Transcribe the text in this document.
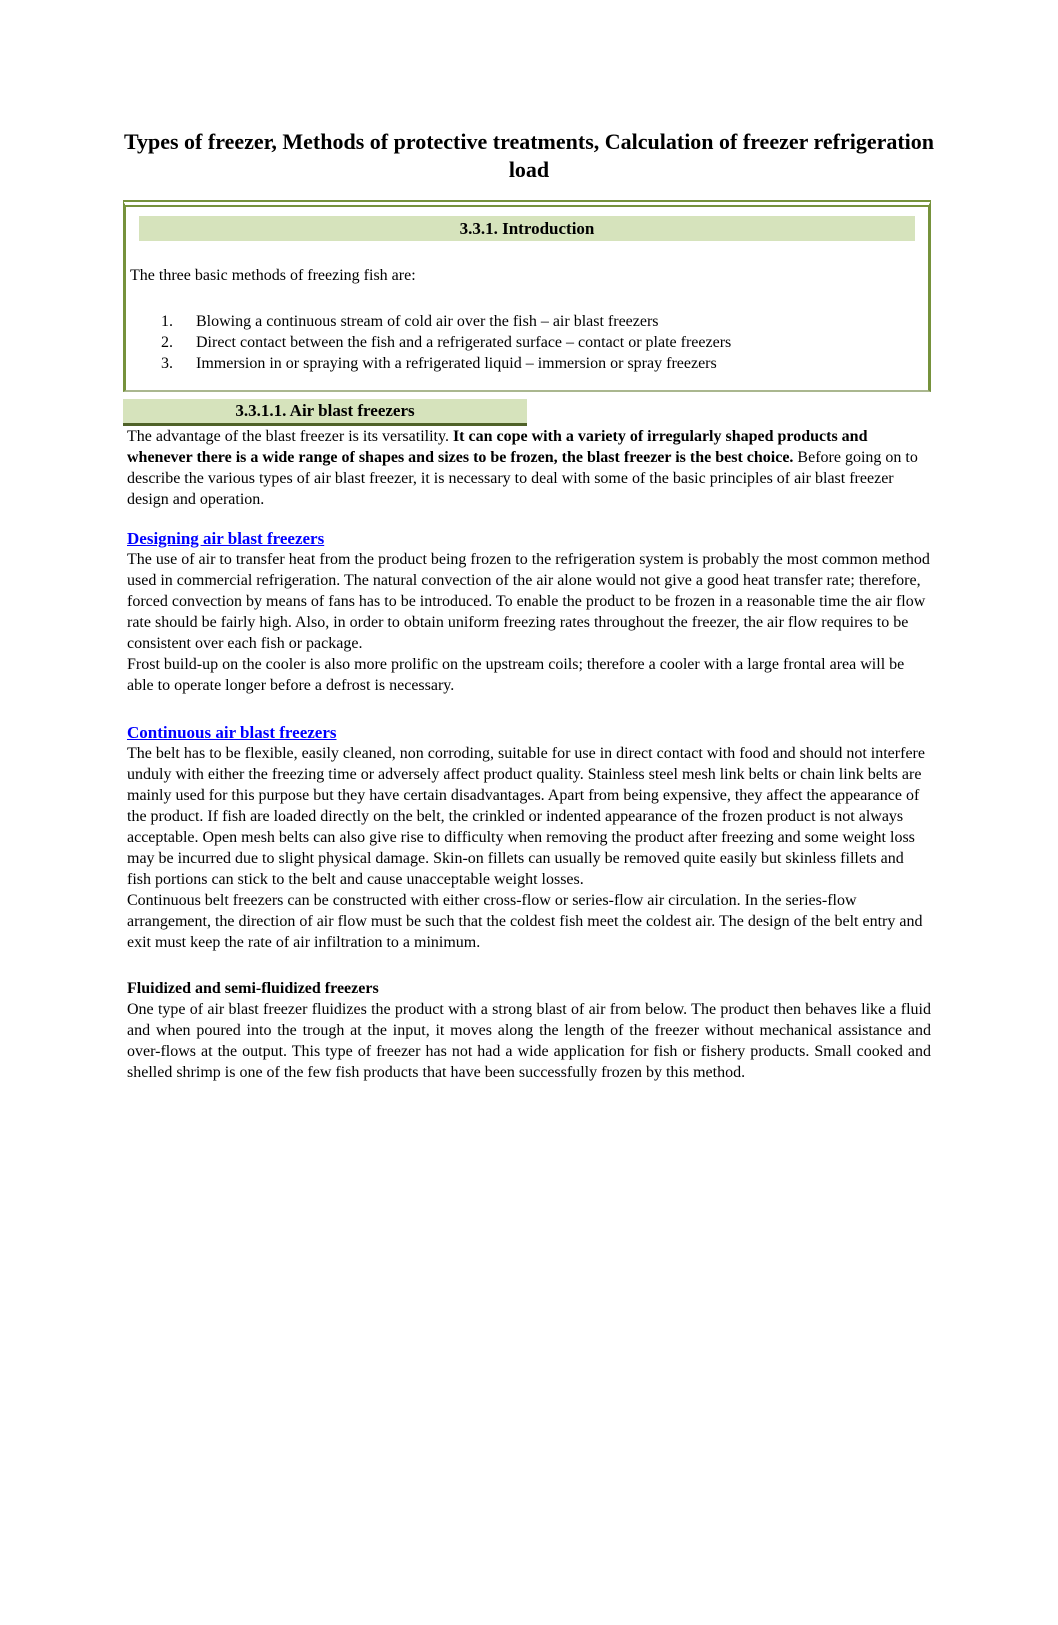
Types of freezer, Methods of protective treatments, Calculation of freezer refrigeration load
3.3.1. Introduction
The three basic methods of freezing fish are:
1.	Blowing a continuous stream of cold air over the fish – air blast freezers
2.	Direct contact between the fish and a refrigerated surface – contact or plate freezers
3.	Immersion in or spraying with a refrigerated liquid – immersion or spray freezers
3.3.1.1. Air blast freezers

The advantage of the blast freezer is its versatility. It can cope with a variety of irregularly shaped products and whenever there is a wide range of shapes and sizes to be frozen, the blast freezer is the best choice. Before going on to describe the various types of air blast freezer, it is necessary to deal with some of the basic principles of air blast freezer design and operation.

Designing air blast freezers

The use of air to transfer heat from the product being frozen to the refrigeration system is probably the most common method used in commercial refrigeration. The natural convection of the air alone would not give a good heat transfer rate; therefore, forced convection by means of fans has to be introduced. To enable the product to be frozen in a reasonable time the air flow rate should be fairly high. Also, in order to obtain uniform freezing rates throughout the freezer, the air flow requires to be consistent over each fish or package.

Frost build-up on the cooler is also more prolific on the upstream coils; therefore a cooler with a large frontal area will be able to operate longer before a defrost is necessary.

Continuous air blast freezers

The belt has to be flexible, easily cleaned, non corroding, suitable for use in direct contact with food and should not interfere unduly with either the freezing time or adversely affect product quality. Stainless steel mesh link belts or chain link belts are mainly used for this purpose but they have certain disadvantages. Apart from being expensive, they affect the appearance of the product. If fish are loaded directly on the belt, the crinkled or indented appearance of the frozen product is not always acceptable. Open mesh belts can also give rise to difficulty when removing the product after freezing and some weight loss may be incurred due to slight physical damage. Skin-on fillets can usually be removed quite easily but skinless fillets and fish portions can stick to the belt and cause unacceptable weight losses.

Continuous belt freezers can be constructed with either cross-flow or series-flow air circulation. In the series-flow arrangement, the direction of air flow must be such that the coldest fish meet the coldest air. The design of the belt entry and exit must keep the rate of air infiltration to a minimum.

Fluidized and semi-fluidized freezers

One type of air blast freezer fluidizes the product with a strong blast of air from below. The product then behaves like a fluid and when poured into the trough at the input, it moves along the length of the freezer without mechanical assistance and over-flows at the output. This type of freezer has not had a wide application for fish or fishery products. Small cooked and shelled shrimp is one of the few fish products that have been successfully frozen by this method.
